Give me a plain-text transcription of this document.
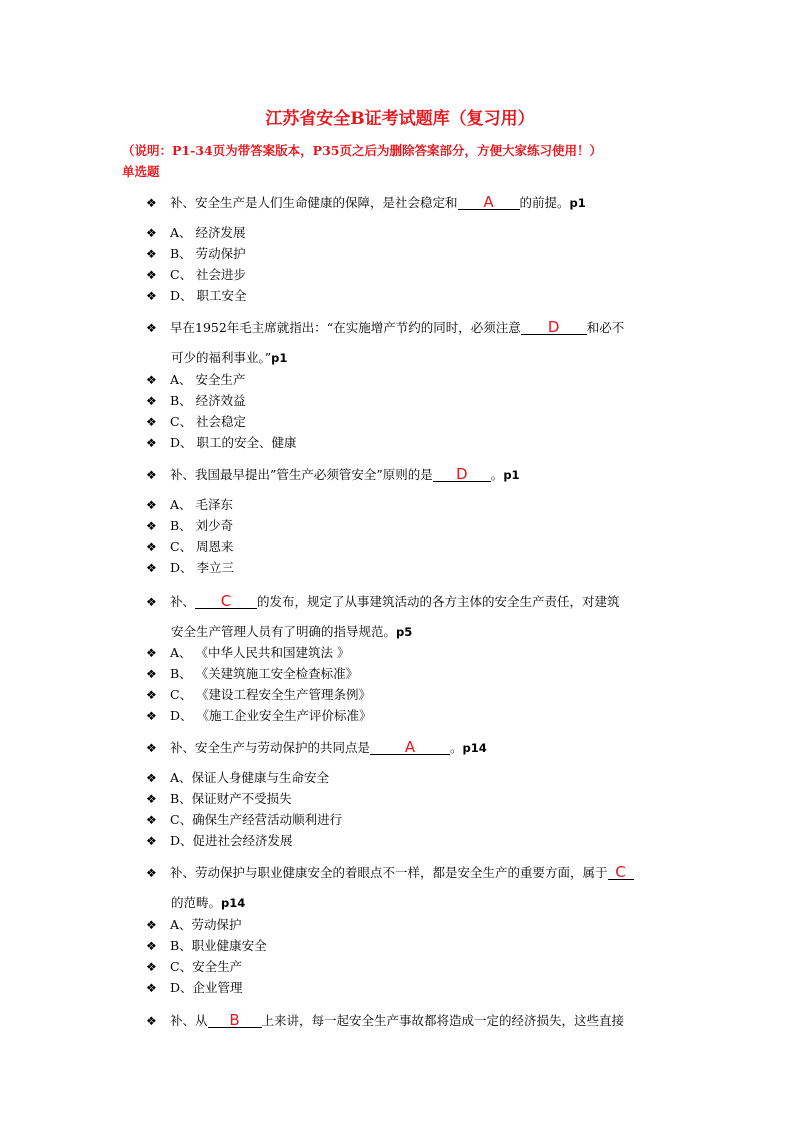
江苏省安全B证考试题库（复习用）
（说明：P1-34页为带答案版本，P35页之后为删除答案部分，方便大家练习使用！）
单选题
❖ 补、安全生产是人们生命健康的保障，是社会稳定和 A 的前提。p1
❖ A、 经济发展
❖ B、 劳动保护
❖ C、 社会进步
❖ D、 职工安全
❖ 早在1952年毛主席就指出：“在实施增产节约的同时，必须注意 D 和必不
可少的福利事业。”p1
❖ A、 安全生产
❖ B、 经济效益
❖ C、 社会稳定
❖ D、 职工的安全、健康
❖ 补、我国最早提出”管生产必须管安全”原则的是 D 。p1
❖ A、 毛泽东
❖ B、 刘少奇
❖ C、 周恩来
❖ D、 李立三
❖ 补、 C 的发布，规定了从事建筑活动的各方主体的安全生产责任，对建筑
安全生产管理人员有了明确的指导规范。p5
❖ A、 《中华人民共和国建筑法 》
❖ B、 《关建筑施工安全检查标准》
❖ C、 《建设工程安全生产管理条例》
❖ D、 《施工企业安全生产评价标准》
❖ 补、安全生产与劳动保护的共同点是 A	。p14
❖ A、保证人身健康与生命安全
❖ B、保证财产不受损失
❖ C、确保生产经营活动顺利进行
❖ D、促进社会经济发展
❖ 补、劳动保护与职业健康安全的着眼点不一样，都是安全生产的重要方面，属于 C
的范畴。p14
❖ A、劳动保护
❖ B、职业健康安全
❖ C、安全生产
❖ D、企业管理
❖ 补、从 B 上来讲，每一起安全生产事故都将造成一定的经济损失，这些直接
